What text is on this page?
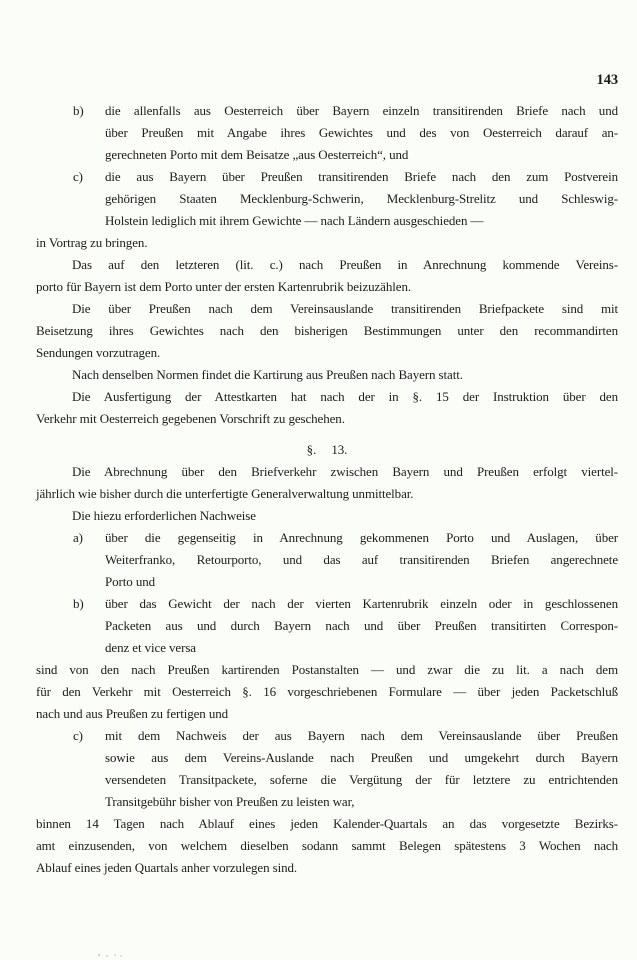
143
b) die allenfalls aus Oesterreich über Bayern einzeln transitirenden Briefe nach und
über Preußen mit Angabe ihres Gewichtes und des von Oesterreich darauf an-
gerechneten Porto mit dem Beisatze „aus Oesterreich“, und
c) die aus Bayern über Preußen transitirenden Briefe nach den zum Postverein
gehörigen Staaten Mecklenburg-Schwerin, Mecklenburg-Strelitz und Schleswig-
Holstein lediglich mit ihrem Gewichte — nach Ländern ausgeschieden —
in Vortrag zu bringen.
Das auf den letzteren (lit. c.) nach Preußen in Anrechnung kommende Vereins-
porto für Bayern ist dem Porto unter der ersten Kartenrubrik beizuzählen.
Die über Preußen nach dem Vereinsauslande transitirenden Briefpackete sind mit
Beisetzung ihres Gewichtes nach den bisherigen Bestimmungen unter den recommandirten
Sendungen vorzutragen.
Nach denselben Normen findet die Kartirung aus Preußen nach Bayern statt.
Die Ausfertigung der Attestkarten hat nach der in §. 15 der Instruktion über den
Verkehr mit Oesterreich gegebenen Vorschrift zu geschehen.
§. 13.
Die Abrechnung über den Briefverkehr zwischen Bayern und Preußen erfolgt viertel-
jährlich wie bisher durch die unterfertigte Generalverwaltung unmittelbar.
Die hiezu erforderlichen Nachweise
a) über die gegenseitig in Anrechnung gekommenen Porto und Auslagen, über
Weiterfranko, Retourporto, und das auf transitirenden Briefen angerechnete
Porto und
b) über das Gewicht der nach der vierten Kartenrubrik einzeln oder in geschlossenen
Packeten aus und durch Bayern nach und über Preußen transitirten Correspon-
denz et vice versa
sind von den nach Preußen kartirenden Postanstalten — und zwar die zu lit. a nach dem
für den Verkehr mit Oesterreich §. 16 vorgeschriebenen Formulare — über jeden Packetschluß
nach und aus Preußen zu fertigen und
c) mit dem Nachweis der aus Bayern nach dem Vereinsauslande über Preußen
sowie aus dem Vereins-Auslande nach Preußen und umgekehrt durch Bayern
versendeten Transitpackete, soferne die Vergütung der für letztere zu entrichtenden
Transitgebühr bisher von Preußen zu leisten war,
binnen 14 Tagen nach Ablauf eines jeden Kalender-Quartals an das vorgesetzte Bezirks-
amt einzusenden, von welchem dieselben sodann sammt Belegen spätestens 3 Wochen nach
Ablauf eines jeden Quartals anher vorzulegen sind.
